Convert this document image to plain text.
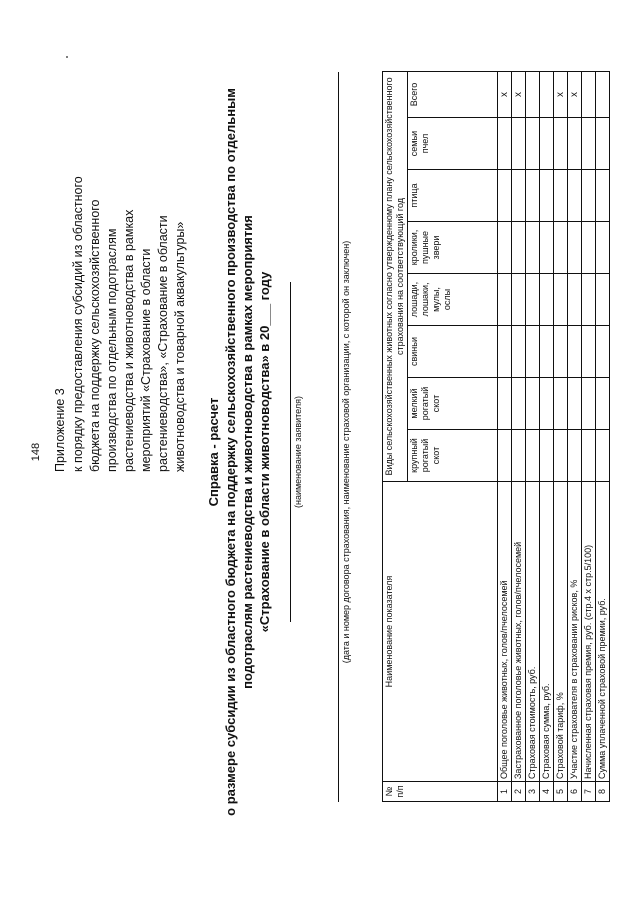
148 Приложение 3 к порядку предоставления субсидий из областного бюджета на поддержку сельскохозяйственного производства по отдельным подотраслям растениеводства и животноводства в рамках мероприятий «Страхование в области растениеводства», «Страхование в области животноводства и товарной аквакультуры» Справка - расчет о размере субсидии из областного бюджета на поддержку сельскохозяйственного производства по отдельным подотраслям растениеводства и животноводства в рамках мероприятия «Страхование в области животноводства» в 20___ году (наименование заявителя)	(дата и номер договора страхования, наименование страховой организации, с которой он заключен)
№ п/п	Наименование показателя	Виды сельскохозяйственных животных согласно утвержденному плану сельскохозяйственного страхования на соответствующий год							
		крупный рогатый скот	мелкий рогатый скот	свиньи	лошади, лошаки, мулы, ослы	кролики, пушные звери	птица	семьи пчел	Всего
1	Общее поголовье животных, голов/пчелосемей								х
2	Застрахованное поголовье животных, голов/пчелосемей								х
3	Страховая стоимость, руб.								
4	Страховая сумма, руб.								
5	Страховой тариф, %								х
6	Участие страхователя в страховании рисков, %								х
7	Начисленная страховая премия, руб. (стр.4 х стр.5/100)								
8	Сумма уплаченной страховой премии, руб.								
